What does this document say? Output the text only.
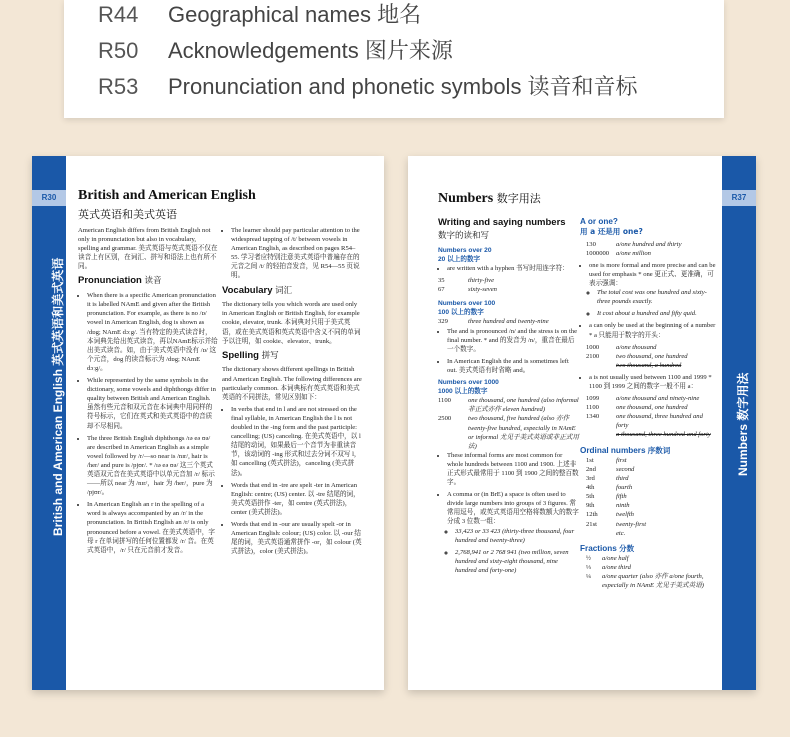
R44 Geographical names 地名
R50 Acknowledgements 图片来源
R53 Pronunciation and phonetic symbols 读音和音标
R30
British and American English 英式英语和美式英语
British and American English
英式英语和美式英语

American English differs from British English not only in pronunciation but also in vocabulary, spelling and grammar. 美式英语与英式英语不仅在读音上有区别，在词汇、拼写和语法上也有所不同。

Pronunciation 读音
• When there is a specific American pronunciation it is labelled NAmE and given after the British pronunciation. For example, as there is no /ɒ/ vowel in American English, dog is shown as /dɒg; NAmE dɔːg/. 当有特定的美式读音时，本词典先给出英式读音，再以NAmE标示并给出美式读音。如，由于美式英语中没有 /ɒ/ 这个元音，dog 的读音标示为 /dɒg; NAmE dɔːg/。
• While represented by the same symbols in the dictionary, some vowels and diphthongs differ in quality between British and American English. 虽然有些元音和双元音在本词典中用同样的符号标示，它们在英式和美式英语中的音质却不尽相同。
• The three British English diphthongs /ɪə eə ʊə/ are described in American English as a simple vowel followed by /r/—so near is /nɪr/, hair is /her/ and pure is /pjʊr/. * /ɪə eə ʊə/ 这三个英式英语双元音在美式英语中以单元音加 /r/ 标示——所以 near 为 /nɪr/，hair 为 /her/，pure 为 /pjʊr/。
• In American English an r in the spelling of a word is always accompanied by an /r/ in the pronunciation. In British English an /r/ is only pronounced before a vowel. 在美式英语中，字母 r 在单词拼写的任何位置都发 /r/ 音。在英式英语中，/r/ 只在元音前才发音。
• The learner should pay particular attention to the widespread tapping of /t/ between vowels in American English, as described on pages R54–55. 学习者应特别注意美式英语中普遍存在的元音之间 /t/ 的轻拍音发音，见 R54—55 页说明。
Vocabulary 词汇

The dictionary tells you which words are used only in American English or British English, for example cookie, elevator, trunk. 本词典对只用于美式英语，或在美式英语和英式英语中含义不同的单词予以注明，如 cookie、elevator、trunk。

Spelling 拼写

The dictionary shows different spellings in British and American English. The following differences are particularly common. 本词典标有英式英语和美式英语的不同拼法，常见区别如下：

• In verbs that end in l and are not stressed on the final syllable, in American English the l is not doubled in the -ing form and the past participle: cancelling; (US) canceling. 在美式英语中，以 l 结尾的动词，如果最后一个音节为非重读音节，该动词的 -ing 形式和过去分词不双写 l，如 cancelling (英式拼法)，canceling (美式拼法)。
• Words that end in -tre are spelt -ter in American English: centre; (US) center. 以 -tre 结尾的词，美式英语拼作 -ter，如 centre (英式拼法)，center (美式拼法)。
• Words that end in -our are usually spelt -or in American English: colour; (US) color. 以 -our 结尾的词，美式英语通常拼作 -or，如 colour (英式拼法)，color (美式拼法)。
R37
Numbers 数字用法
Numbers 数字用法
Writing and saying numbers
数字的读和写
Numbers over 20
20 以上的数字
• are written with a hyphen 书写时用连字符：
35	thirty-five
67	sixty-seven
Numbers over 100
100 以上的数字
329	three hundred and twenty-nine
• The and is pronounced /n/ and the stress is on the final number. * and 的发音为 /n/，重音在最后一个数字。
• In American English the and is sometimes left out. 美式英语有时省略 and。
Numbers over 1000
1000 以上的数字
1100	one thousand, one hundred (also informal 非正式亦作 eleven hundred)
2500	two thousand, five hundred (also 亦作 twenty-five hundred, especially in NAmE or informal 尤见于美式英语或非正式用法)
• These informal forms are most common for whole hundreds between 1100 and 1900. 上述非正式形式最常用于 1100 到 1900 之间的整百数字。
• A comma or (in BrE) a space is often used to divide large numbers into groups of 3 figures. 常常用逗号，或英式英语用空格将数额大的数字分成 3 位数一组：
◦ 33,423 or 33 423 (thirty-three thousand, four hundred and twenty-three)
◦ 2,768,941 or 2 768 941 (two million, seven hundred and sixty-eight thousand, nine hundred and forty-one)
A or one?
用 a 还是用 one?
130	a/one hundred and thirty
1000000 a/one million
• one is more formal and more precise and can be used for emphasis * one 更正式、更准确，可表示强调：
◦ The total cost was one hundred and sixty-three pounds exactly.
◦ It cost about a hundred and fifty quid.
• a can only be used at the beginning of a number * a 只能用于数字的开头：
1000	a/one thousand
2100	two thousand, one hundred
two thousand, a hundred
• a is not usually used between 1100 and 1999 * 1100 到 1999 之间的数字一般不用 a：
1099	a/one thousand and ninety-nine
1100	one thousand, one hundred
1340	one thousand, three hundred and forty
a thousand, three hundred and forty
Ordinal numbers 序数词
1st	first
2nd	second
3rd	third
4th	fourth
5th	fifth
9th	ninth
12th	twelfth
21st	twenty-first
etc.
Fractions 分数
½	a/one half
⅓	a/one third
¼	a/one quarter (also 亦作 a/one fourth, especially in NAmE 尤见于美式英语)
